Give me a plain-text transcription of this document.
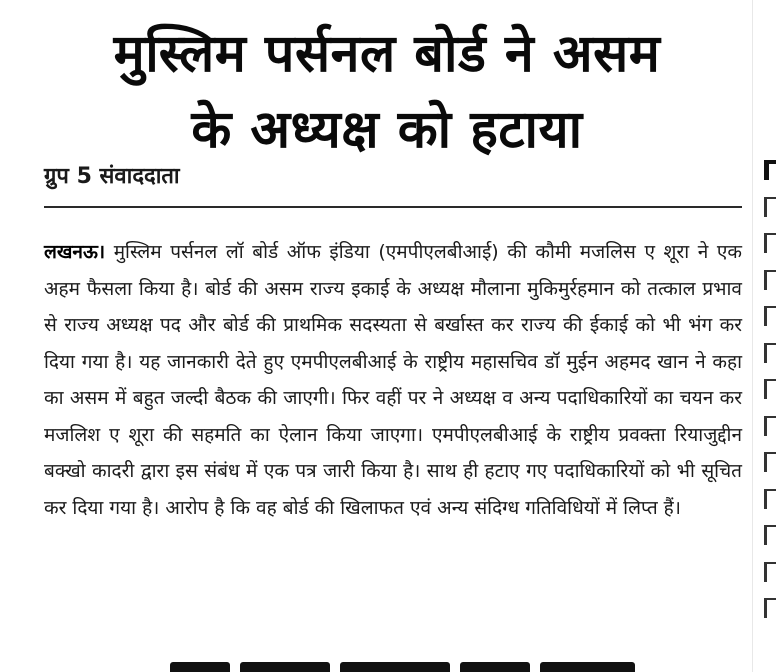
मुस्लिम पर्सनल बोर्ड ने असम
के अध्यक्ष को हटाया

ग्रुप 5 संवाददाता

लखनऊ। मुस्लिम पर्सनल लॉ बोर्ड ऑफ इंडिया (एमपीएलबीआई) की कौमी मजलिस ए शूरा ने एक अहम फैसला किया है। बोर्ड की असम राज्य इकाई के अध्यक्ष मौलाना मुकिमुर्रहमान को तत्काल प्रभाव से राज्य अध्यक्ष पद और बोर्ड की प्राथमिक सदस्यता से बर्खास्त कर राज्य की ईकाई को भी भंग कर दिया गया है। यह जानकारी देते हुए एमपीएलबीआई के राष्ट्रीय महासचिव डॉ मुईन अहमद खान ने कहा का असम में बहुत जल्दी बैठक की जाएगी। फिर वहीं पर ने अध्यक्ष व अन्य पदाधिकारियों का चयन कर मजलिश ए शूरा की सहमति का ऐलान किया जाएगा। एमपीएलबीआई के राष्ट्रीय प्रवक्ता रियाजुद्दीन बक्खो कादरी द्वारा इस संबंध में एक पत्र जारी किया है। साथ ही हटाए गए पदाधिकारियों को भी सूचित कर दिया गया है। आरोप है कि वह बोर्ड की खिलाफत एवं अन्य संदिग्ध गतिविधियों में लिप्त हैं।
